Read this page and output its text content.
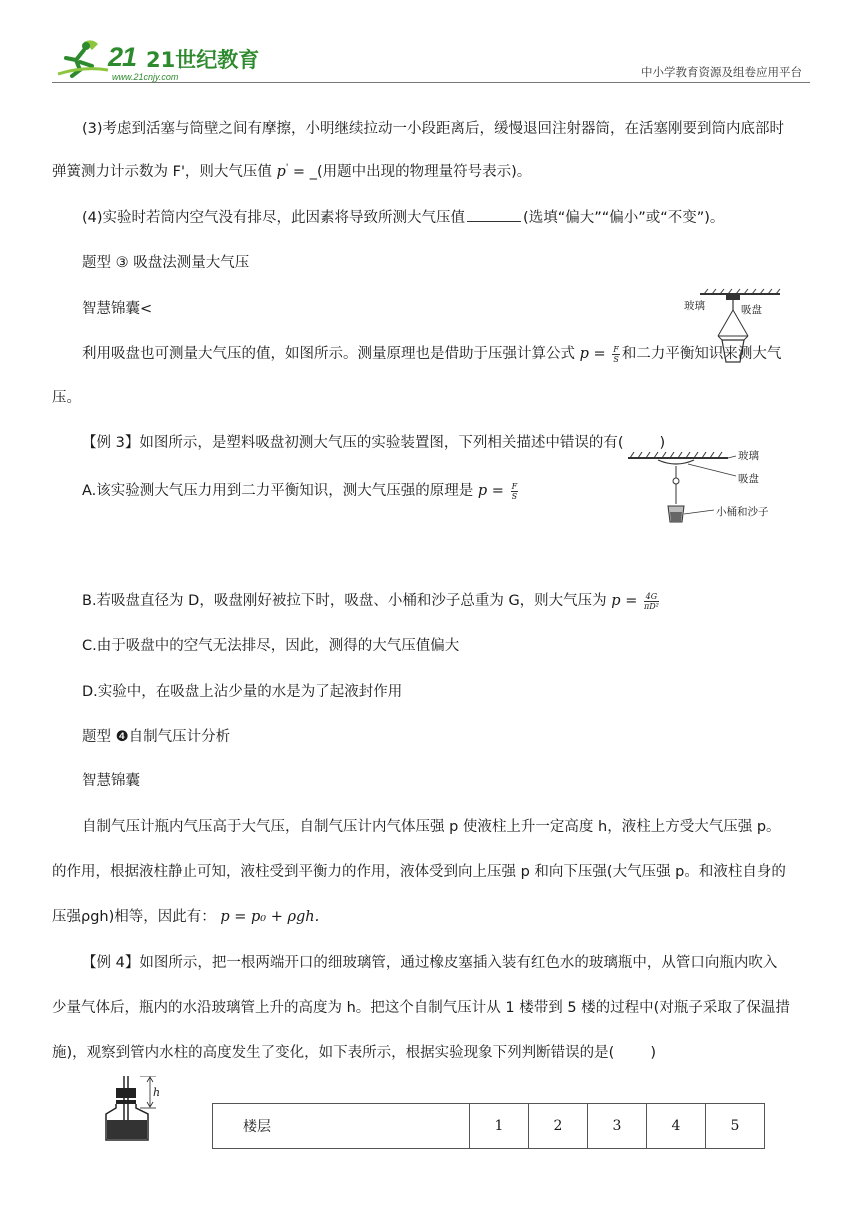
21 21世纪教育
www.21cnjy.com	中小学教育资源及组卷应用平台
(3)考虑到活塞与筒壁之间有摩擦，小明继续拉动一小段距离后，缓慢退回注射器筒，在活塞刚要到筒内底部时
弹簧测力计示数为 F'，则大气压值 p' = _(用题中出现的物理量符号表示)。
(4)实验时若筒内空气没有排尽，此因素将导致所测大气压值	(选填“偏大”“偏小”或“不变”)。
题型 ③ 吸盘法测量大气压
智慧锦囊<	玻璃	吸盘
利用吸盘也可测量大气压的值，如图所示。测量原理也是借助于压强计算公式 $p = \frac{F}{S}$ 和二力平衡知识来测大气
压。
【例 3】如图所示，是塑料吸盘初测大气压的实验装置图，下列相关描述中错误的有( )
玻璃
吸盘
小桶和沙子
A.该实验测大气压力用到二力平衡知识，测大气压强的原理是 $p = \frac{F}{S}$
B.若吸盘直径为 D，吸盘刚好被拉下时，吸盘、小桶和沙子总重为 G，则大气压为 $p = \frac{4G}{\text{πD²}}$
C.由于吸盘中的空气无法排尽，因此，测得的大气压值偏大
D.实验中，在吸盘上沾少量的水是为了起液封作用
题型 ❹自制气压计分析
智慧锦囊
自制气压计瓶内气压高于大气压，自制气压计内气体压强 p 使液柱上升一定高度 h，液柱上方受大气压强 p。
的作用，根据液柱静止可知，液柱受到平衡力的作用，液体受到向上压强 p 和向下压强(大气压强 p。和液柱自身的
压强ρgh)相等，因此有： p = p₀ + ρgh.
【例 4】如图所示，把一根两端开口的细玻璃管，通过橡皮塞插入装有红色水的玻璃瓶中，从管口向瓶内吹入
少量气体后，瓶内的水沿玻璃管上升的高度为 h。把这个自制气压计从 1 楼带到 5 楼的过程中(对瓶子采取了保温措
施)，观察到管内水柱的高度发生了变化，如下表所示，根据实验现象下列判断错误的是( )
h
楼层	1	2	3	4	5
